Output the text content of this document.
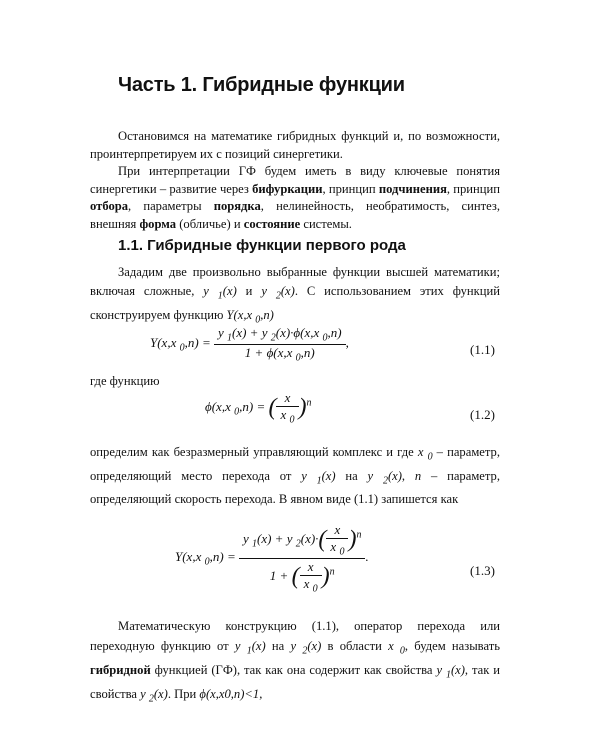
Часть 1. Гибридные функции

Остановимся на математике гибридных функций и, по возможности, проинтерпретируем их с позиций синергетики.

При интерпретации ГФ будем иметь в виду ключевые понятия синергетики – развитие через бифуркации, принцип подчинения, принцип отбора, параметры порядка, нелинейность, необратимость, синтез, внешняя форма (обличье) и состояние системы.

1.1. Гибридные функции первого рода

Зададим две произвольно выбранные функции высшей математики; включая сложные, y $_1$(x) и y $_2$(x). С использованием этих функций сконструируем функцию Y(x,x $_0$,n)

Y(x,x $_0,n) = \frac{y _1(x) + y _2(x)\cdot\phi(x,x _0,n)}{1 + \phi(x,x _0,n)}$ ,	(1.1)

где функцию

ϕ(x,x $_0$,n) = ( $\frac{x}{x _0} )^n$
(1.2)

определим как безразмерный управляющий комплекс и где x $_0$ – параметр, определяющий место перехода от y $_1$(x) на y $_2$(x), n – параметр, определяющий скорость перехода. В явном виде (1.1) запишется как

Y(x,x $_0,n) = \frac{y _1(x) + y _2(x)\cdot( \frac{x}{x _0} )^n}{1 + ( \frac{x}{x _0} )^n}$ .
(1.3)

Математическую конструкцию (1.1), оператор перехода или переходную функцию от y $_1$(x) на y $_2$(x) в области x $_0$, будем называть гибридной функцией (ГФ), так как она содержит как свойства y $_1$(x), так и свойства y $_2$(x). При ϕ(x,x0,n)<1,
